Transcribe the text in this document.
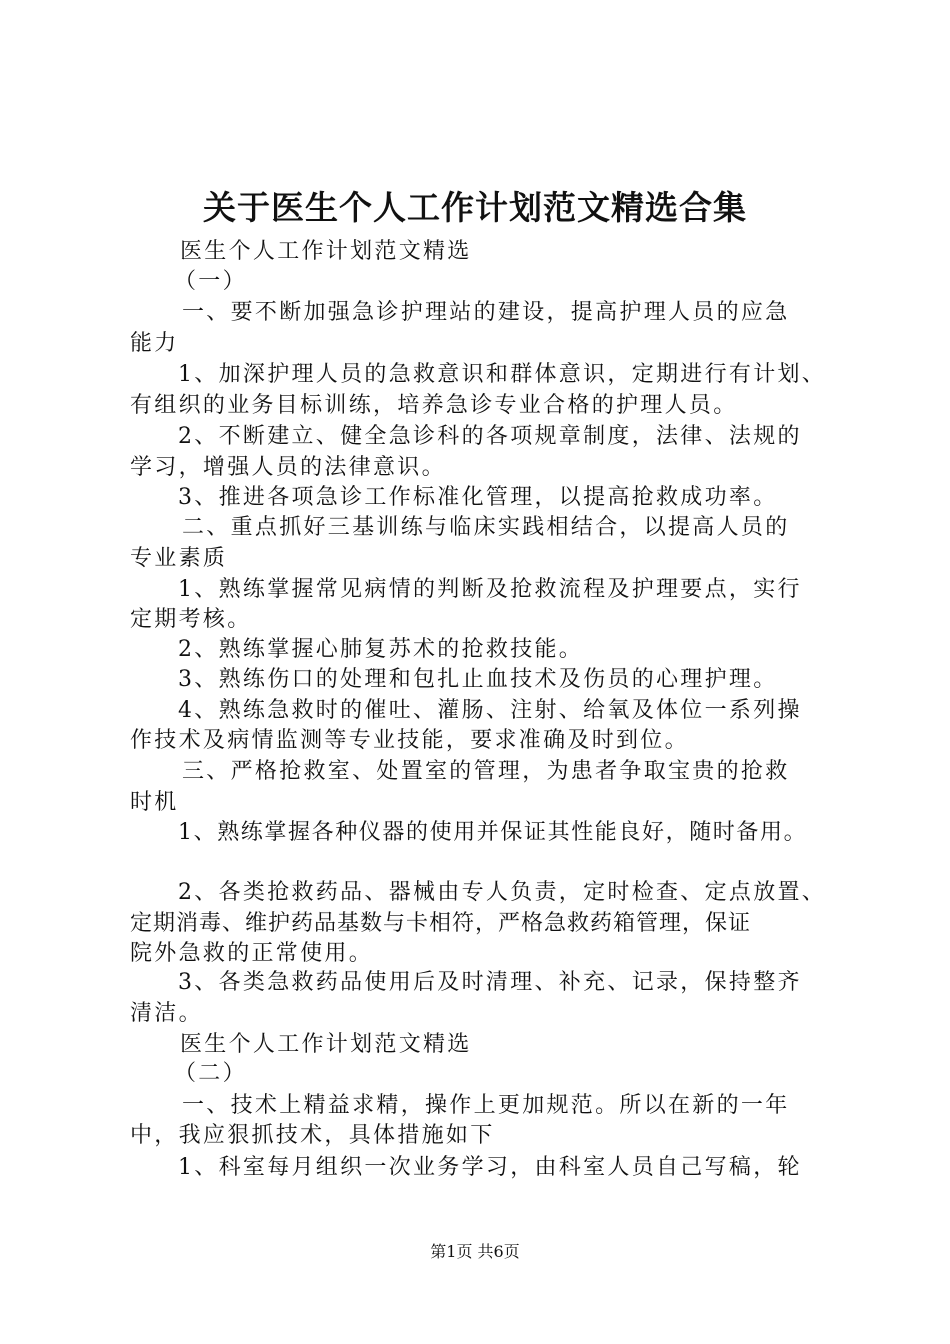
关于医生个人工作计划范文精选合集
医生个人工作计划范文精选
（一）
一、要不断加强急诊护理站的建设，提高护理人员的应急
能力
1、加深护理人员的急救意识和群体意识，定期进行有计划、
有组织的业务目标训练，培养急诊专业合格的护理人员。
2、不断建立、健全急诊科的各项规章制度，法律、法规的
学习，增强人员的法律意识。
3、推进各项急诊工作标准化管理，以提高抢救成功率。
二、重点抓好三基训练与临床实践相结合，以提高人员的
专业素质
1、熟练掌握常见病情的判断及抢救流程及护理要点，实行
定期考核。
2、熟练掌握心肺复苏术的抢救技能。
3、熟练伤口的处理和包扎止血技术及伤员的心理护理。
4、熟练急救时的催吐、灌肠、注射、给氧及体位一系列操
作技术及病情监测等专业技能，要求准确及时到位。
三、严格抢救室、处置室的管理，为患者争取宝贵的抢救
时机
1、熟练掌握各种仪器的使用并保证其性能良好，随时备用。
2、各类抢救药品、器械由专人负责，定时检查、定点放置、
定期消毒、维护药品基数与卡相符，严格急救药箱管理，保证
院外急救的正常使用。
3、各类急救药品使用后及时清理、补充、记录，保持整齐
清洁。
医生个人工作计划范文精选
（二）
一、技术上精益求精，操作上更加规范。所以在新的一年
中，我应狠抓技术，具体措施如下
1、科室每月组织一次业务学习，由科室人员自己写稿，轮
第1页 共6页
